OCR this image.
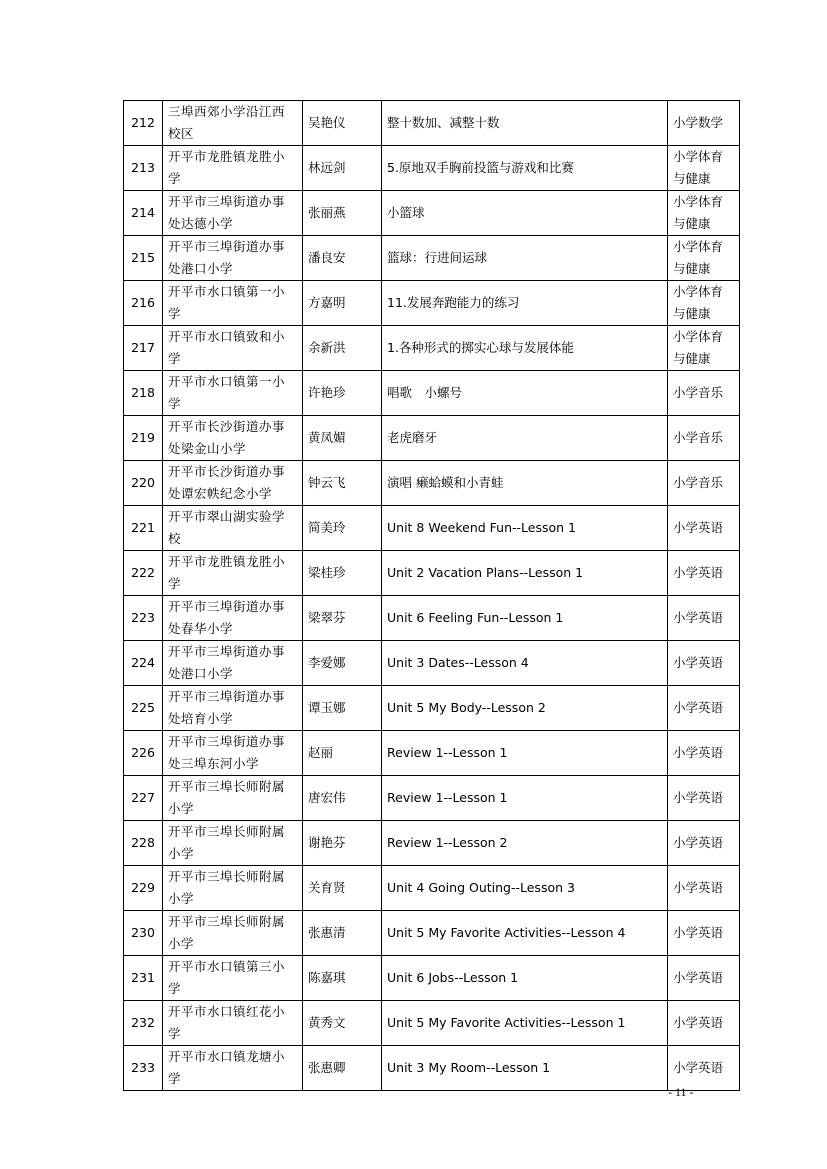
212	三埠西郊小学沿江西校区	吴艳仪	整十数加、减整十数	小学数学
213	开平市龙胜镇龙胜小学	林远剑	5.原地双手胸前投篮与游戏和比赛	小学体育与健康
214	开平市三埠街道办事处达德小学	张丽燕	小篮球	小学体育与健康
215	开平市三埠街道办事处港口小学	潘良安	篮球：行进间运球	小学体育与健康
216	开平市水口镇第一小学	方嘉明	11.发展奔跑能力的练习	小学体育与健康
217	开平市水口镇致和小学	余新洪	1.各种形式的掷实心球与发展体能	小学体育与健康
218	开平市水口镇第一小学	许艳珍	唱歌　小螺号	小学音乐
219	开平市长沙街道办事处梁金山小学	黄凤媚	老虎磨牙	小学音乐
220	开平市长沙街道办事处谭宏帙纪念小学	钟云飞	演唱 癞蛤蟆和小青蛙	小学音乐
221	开平市翠山湖实验学校	简美玲	Unit 8 Weekend Fun--Lesson 1	小学英语
222	开平市龙胜镇龙胜小学	梁桂珍	Unit 2 Vacation Plans--Lesson 1	小学英语
223	开平市三埠街道办事处春华小学	梁翠芬	Unit 6 Feeling Fun--Lesson 1	小学英语
224	开平市三埠街道办事处港口小学	李爱娜	Unit 3 Dates--Lesson 4	小学英语
225	开平市三埠街道办事处培育小学	谭玉娜	Unit 5 My Body--Lesson 2	小学英语
226	开平市三埠街道办事处三埠东河小学	赵丽	Review 1--Lesson 1	小学英语
227	开平市三埠长师附属小学	唐宏伟	Review 1--Lesson 1	小学英语
228	开平市三埠长师附属小学	谢艳芬	Review 1--Lesson 2	小学英语
229	开平市三埠长师附属小学	关育贤	Unit 4 Going Outing--Lesson 3	小学英语
230	开平市三埠长师附属小学	张惠清	Unit 5 My Favorite Activities--Lesson 4	小学英语
231	开平市水口镇第三小学	陈嘉琪	Unit 6 Jobs--Lesson 1	小学英语
232	开平市水口镇红花小学	黄秀文	Unit 5 My Favorite Activities--Lesson 1	小学英语
233	开平市水口镇龙塘小学	张惠卿	Unit 3 My Room--Lesson 1	小学英语
- 11 -
